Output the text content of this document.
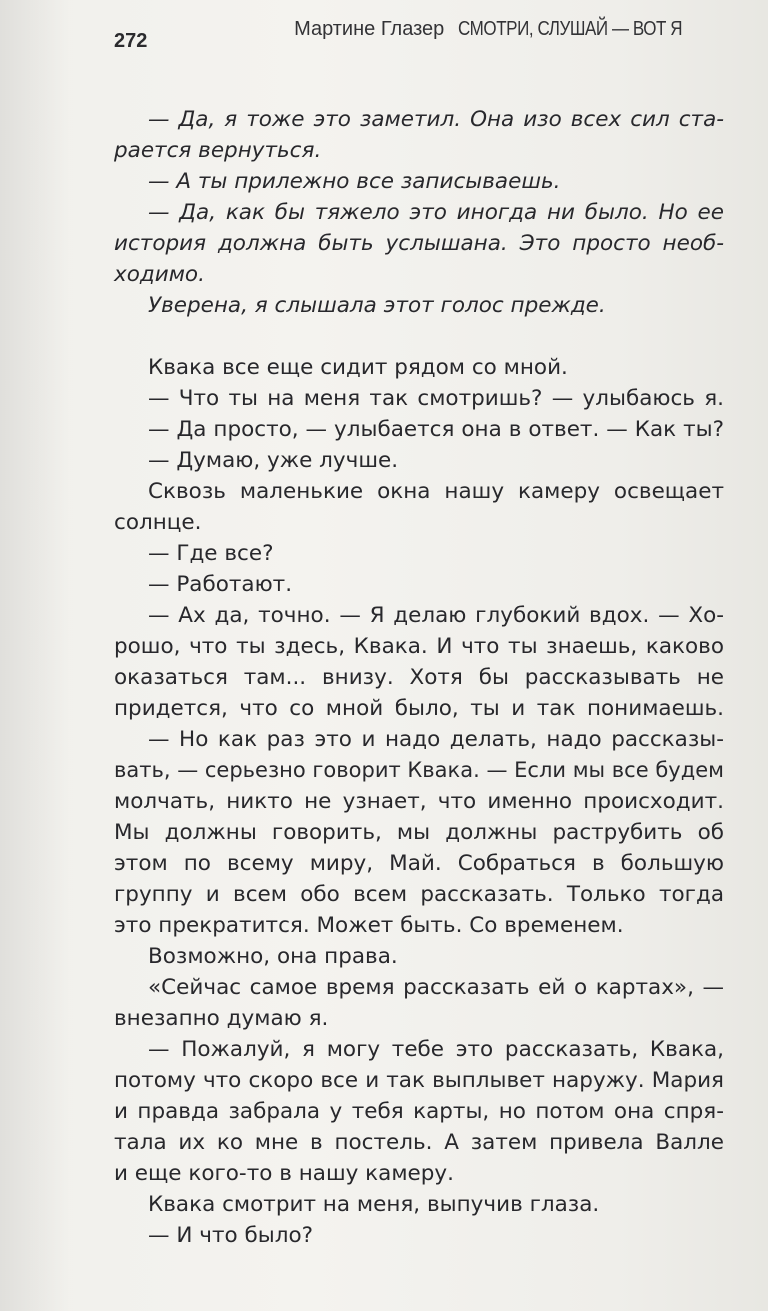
272
Мартине Глазер СМОТРИ, СЛУШАЙ — ВОТ Я
— Да, я тоже это заметил. Она изо всех сил ста-
рается вернуться.
— А ты прилежно все записываешь.
— Да, как бы тяжело это иногда ни было. Но ее
история должна быть услышана. Это просто необ-
ходимо.
Уверена, я слышала этот голос прежде.
Квака все еще сидит рядом со мной.
— Что ты на меня так смотришь? — улыбаюсь я.
— Да просто, — улыбается она в ответ. — Как ты?
— Думаю, уже лучше.
Сквозь маленькие окна нашу камеру освещает
солнце.
— Где все?
— Работают.
— Ах да, точно. — Я делаю глубокий вдох. — Хо-
рошо, что ты здесь, Квака. И что ты знаешь, каково
оказаться там... внизу. Хотя бы рассказывать не
придется, что со мной было, ты и так понимаешь.
— Но как раз это и надо делать, надо рассказы-
вать, — серьезно говорит Квака. — Если мы все будем
молчать, никто не узнает, что именно происходит.
Мы должны говорить, мы должны раструбить об
этом по всему миру, Май. Собраться в большую
группу и всем обо всем рассказать. Только тогда
это прекратится. Может быть. Со временем.
Возможно, она права.
«Сейчас самое время рассказать ей о картах», —
внезапно думаю я.
— Пожалуй, я могу тебе это рассказать, Квака,
потому что скоро все и так выплывет наружу. Мария
и правда забрала у тебя карты, но потом она спря-
тала их ко мне в постель. А затем привела Валле
и еще кого-то в нашу камеру.
Квака смотрит на меня, выпучив глаза.
— И что было?
